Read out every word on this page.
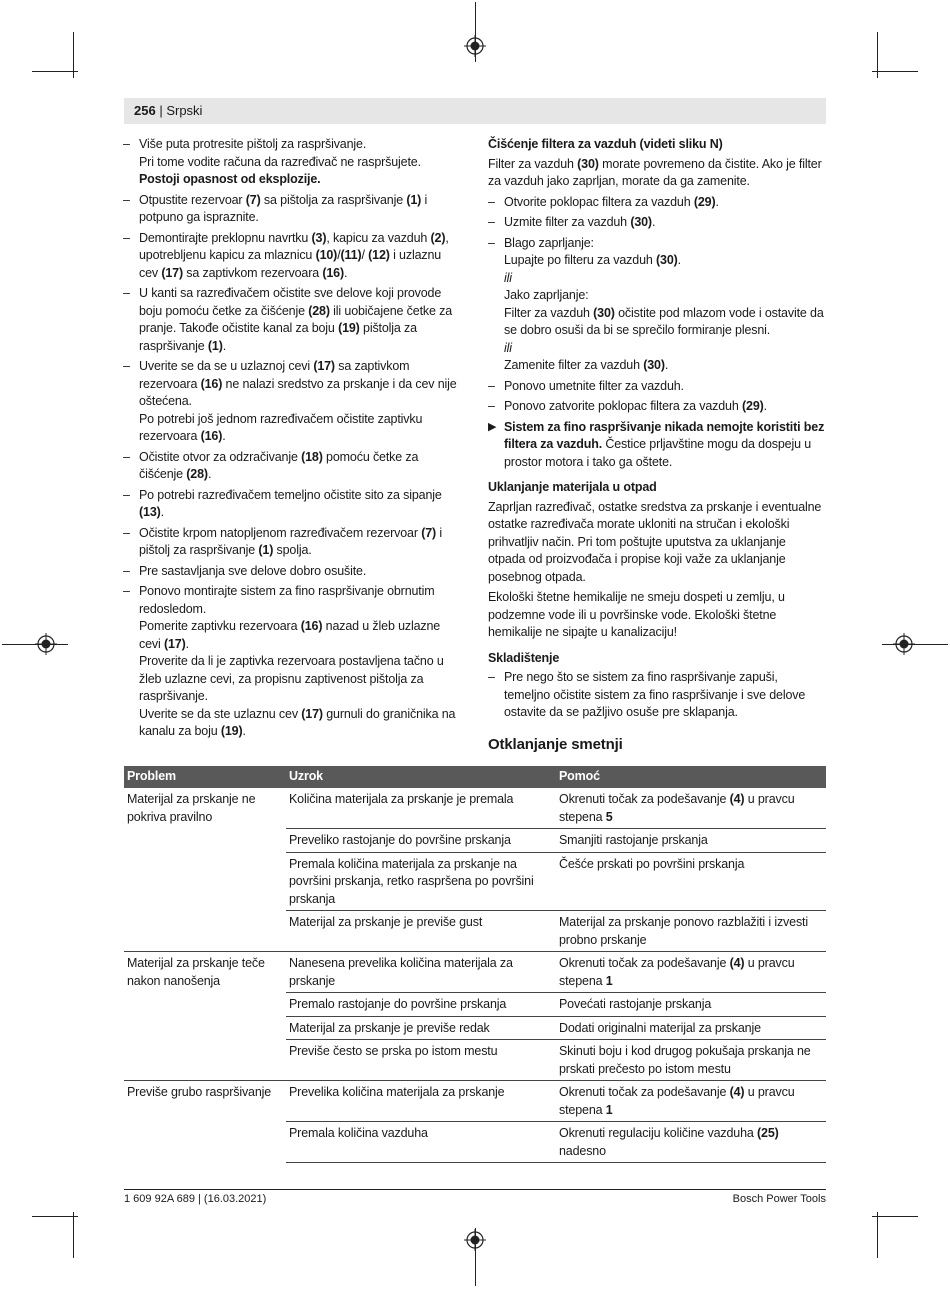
256 | Srpski
– Više puta protresite pištolj za raspršivanje.
Pri tome vodite računa da razređivač ne raspršujete.
Postoji opasnost od eksplozije.
– Otpustite rezervoar (7) sa pištolja za raspršivanje (1) i potpuno ga ispraznite.
– Demontirajte preklopnu navrtku (3), kapicu za vazduh (2), upotrebljenu kapicu za mlaznicu (10)/(11)/ (12) i uzlaznu cev (17) sa zaptivkom rezervoara (16).
– U kanti sa razređivačem očistite sve delove koji provode boju pomoću četke za čišćenje (28) ili uobičajene četke za pranje. Takođe očistite kanal za boju (19) pištolja za raspršivanje (1).
– Uverite se da se u uzlaznoj cevi (17) sa zaptivkom rezervoara (16) ne nalazi sredstvo za prskanje i da cev nije oštećena.
Po potrebi još jednom razređivačem očistite zaptivku rezervoara (16).
– Očistite otvor za odzračivanje (18) pomoću četke za čišćenje (28).
– Po potrebi razređivačem temeljno očistite sito za sipanje (13).
– Očistite krpom natopljenom razređivačem rezervoar (7) i pištolj za raspršivanje (1) spolja.
– Pre sastavljanja sve delove dobro osušite.
– Ponovo montirajte sistem za fino raspršivanje obrnutim redosledom.
Pomerite zaptivku rezervoara (16) nazad u žleb uzlazne cevi (17).
Proverite da li je zaptivka rezervoara postavljena tačno u žleb uzlazne cevi, za propisnu zaptivenost pištolja za raspršivanje.
Uverite se da ste uzlaznu cev (17) gurnuli do graničnika na kanalu za boju (19).
Čišćenje filtera za vazduh (videti sliku N)

Filter za vazduh (30) morate povremeno da čistite. Ako je filter za vazduh jako zaprljan, morate da ga zamenite.

– Otvorite poklopac filtera za vazduh (29).
– Uzmite filter za vazduh (30).
– Blago zaprljanje:
Lupajte po filteru za vazduh (30).
ili
Jako zaprljanje:
Filter za vazduh (30) očistite pod mlazom vode i ostavite da se dobro osuši da bi se sprečilo formiranje plesni.
ili
Zamenite filter za vazduh (30).
– Ponovo umetnite filter za vazduh.
– Ponovo zatvorite poklopac filtera za vazduh (29).
▶ Sistem za fino raspršivanje nikada nemojte koristiti bez filtera za vazduh. Čestice prljavštine mogu da dospeju u prostor motora i tako ga oštete.
Uklanjanje materijala u otpad

Zaprljan razređivač, ostatke sredstva za prskanje i eventualne ostatke razređivača morate ukloniti na stručan i ekološki prihvatljiv način. Pri tom poštujte uputstva za uklanjanje otpada od proizvođača i propise koji važe za uklanjanje posebnog otpada.

Ekološki štetne hemikalije ne smeju dospeti u zemlju, u podzemne vode ili u površinske vode. Ekološki štetne hemikalije ne sipajte u kanalizaciju!

Skladištenje
– Pre nego što se sistem za fino raspršivanje zapuši, temeljno očistite sistem za fino raspršivanje i sve delove ostavite da se pažljivo osuše pre sklapanja.
Otklanjanje smetnji
Problem	Uzrok	Pomoć
Materijal za prskanje ne pokriva pravilno	Količina materijala za prskanje je premala	Okrenuti točak za podešavanje (4) u pravcu stepena 5
	Preveliko rastojanje do površine prskanja	Smanjiti rastojanje prskanja
	Premala količina materijala za prskanje na površini prskanja, retko raspršena po površini prskanja	Češće prskati po površini prskanja
	Materijal za prskanje je previše gust	Materijal za prskanje ponovo razblažiti i izvesti probno prskanje
Materijal za prskanje teče nakon nanošenja	Nanesena prevelika količina materijala za prskanje	Okrenuti točak za podešavanje (4) u pravcu stepena 1
	Premalo rastojanje do površine prskanja	Povećati rastojanje prskanja
	Materijal za prskanje je previše redak	Dodati originalni materijal za prskanje
	Previše često se prska po istom mestu	Skinuti boju i kod drugog pokušaja prskanja ne prskati prečesto po istom mestu
Previše grubo raspršivanje	Prevelika količina materijala za prskanje	Okrenuti točak za podešavanje (4) u pravcu stepena 1
	Premala količina vazduha	Okrenuti regulaciju količine vazduha (25) nadesno
1 609 92A 689 | (16.03.2021)	Bosch Power Tools
